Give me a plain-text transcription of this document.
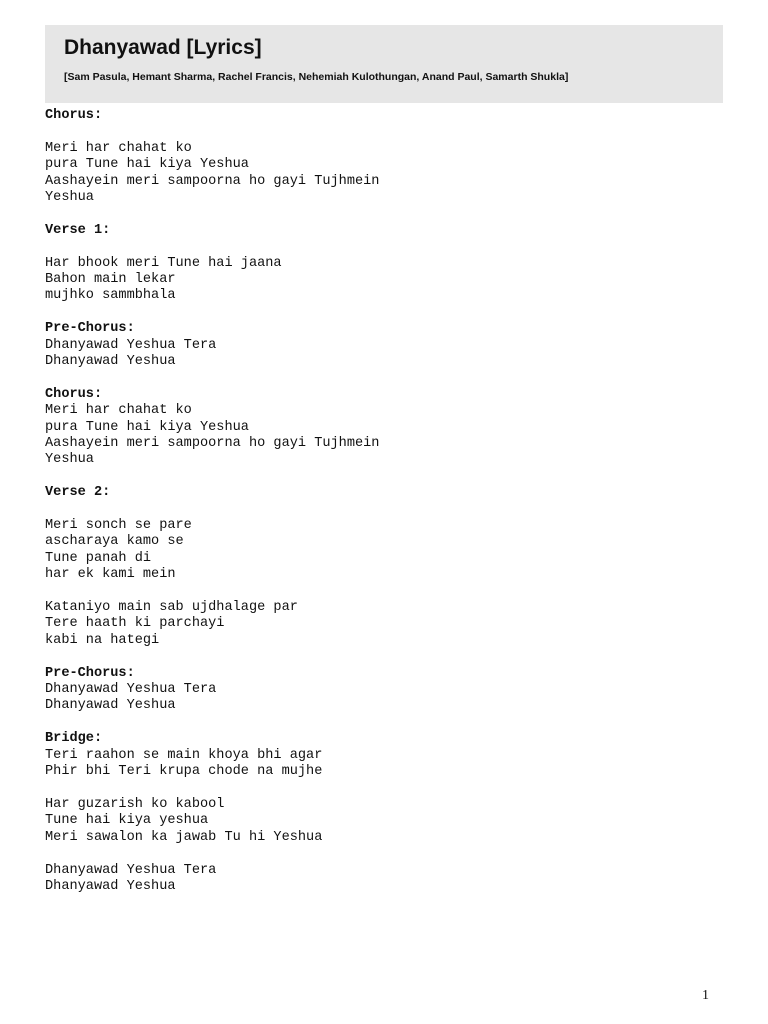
Dhanyawad [Lyrics]

[Sam Pasula, Hemant Sharma, Rachel Francis, Nehemiah Kulothungan, Anand Paul, Samarth Shukla]

Chorus:
Meri har chahat ko
pura Tune hai kiya Yeshua
Aashayein meri sampoorna ho gayi Tujhmein
Yeshua
Verse 1:
Har bhook meri Tune hai jaana
Bahon main lekar
mujhko sammbhala
Pre-Chorus:
Dhanyawad Yeshua Tera
Dhanyawad Yeshua
Chorus:
Meri har chahat ko
pura Tune hai kiya Yeshua
Aashayein meri sampoorna ho gayi Tujhmein
Yeshua
Verse 2:
Meri sonch se pare
ascharaya kamo se
Tune panah di
har ek kami mein
Kataniyo main sab ujdhalage par
Tere haath ki parchayi
kabi na hategi
Pre-Chorus:
Dhanyawad Yeshua Tera
Dhanyawad Yeshua
Bridge:
Teri raahon se main khoya bhi agar
Phir bhi Teri krupa chode na mujhe
Har guzarish ko kabool
Tune hai kiya yeshua
Meri sawalon ka jawab Tu hi Yeshua
Dhanyawad Yeshua Tera
Dhanyawad Yeshua
1
